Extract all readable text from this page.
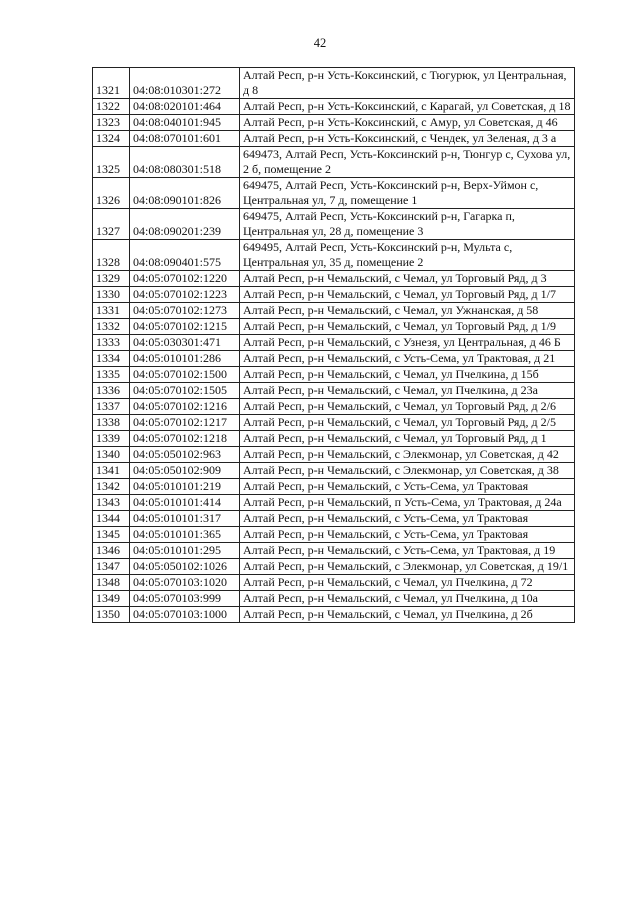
42
1321	04:08:010301:272	Алтай Респ, р-н Усть-Коксинский, с Тюгурюк, ул Центральная, д 8
1322	04:08:020101:464	Алтай Респ, р-н Усть-Коксинский, с Карагай, ул Советская, д 18
1323	04:08:040101:945	Алтай Респ, р-н Усть-Коксинский, с Амур, ул Советская, д 46
1324	04:08:070101:601	Алтай Респ, р-н Усть-Коксинский, с Чендек, ул Зеленая, д 3 а
1325	04:08:080301:518	649473, Алтай Респ, Усть-Коксинский р-н, Тюнгур с, Сухова ул, 2 б, помещение 2
1326	04:08:090101:826	649475, Алтай Респ, Усть-Коксинский р-н, Верх-Уймон с, Центральная ул, 7 д, помещение 1
1327	04:08:090201:239	649475, Алтай Респ, Усть-Коксинский р-н, Гагарка п, Центральная ул, 28 д, помещение 3
1328	04:08:090401:575	649495, Алтай Респ, Усть-Коксинский р-н, Мульта с, Центральная ул, 35 д, помещение 2
1329	04:05:070102:1220	Алтай Респ, р-н Чемальский, с Чемал, ул Торговый Ряд, д 3
1330	04:05:070102:1223	Алтай Респ, р-н Чемальский, с Чемал, ул Торговый Ряд, д 1/7
1331	04:05:070102:1273	Алтай Респ, р-н Чемальский, с Чемал, ул Ужнанская, д 58
1332	04:05:070102:1215	Алтай Респ, р-н Чемальский, с Чемал, ул Торговый Ряд, д 1/9
1333	04:05:030301:471	Алтай Респ, р-н Чемальский, с Узнезя, ул Центральная, д 46 Б
1334	04:05:010101:286	Алтай Респ, р-н Чемальский, с Усть-Сема, ул Трактовая, д 21
1335	04:05:070102:1500	Алтай Респ, р-н Чемальский, с Чемал, ул Пчелкина, д 15б
1336	04:05:070102:1505	Алтай Респ, р-н Чемальский, с Чемал, ул Пчелкина, д 23а
1337	04:05:070102:1216	Алтай Респ, р-н Чемальский, с Чемал, ул Торговый Ряд, д 2/6
1338	04:05:070102:1217	Алтай Респ, р-н Чемальский, с Чемал, ул Торговый Ряд, д 2/5
1339	04:05:070102:1218	Алтай Респ, р-н Чемальский, с Чемал, ул Торговый Ряд, д 1
1340	04:05:050102:963	Алтай Респ, р-н Чемальский, с Элекмонар, ул Советская, д 42
1341	04:05:050102:909	Алтай Респ, р-н Чемальский, с Элекмонар, ул Советская, д 38
1342	04:05:010101:219	Алтай Респ, р-н Чемальский, с Усть-Сема, ул Трактовая
1343	04:05:010101:414	Алтай Респ, р-н Чемальский, п Усть-Сема, ул Трактовая, д 24а
1344	04:05:010101:317	Алтай Респ, р-н Чемальский, с Усть-Сема, ул Трактовая
1345	04:05:010101:365	Алтай Респ, р-н Чемальский, с Усть-Сема, ул Трактовая
1346	04:05:010101:295	Алтай Респ, р-н Чемальский, с Усть-Сема, ул Трактовая, д 19
1347	04:05:050102:1026	Алтай Респ, р-н Чемальский, с Элекмонар, ул Советская, д 19/1
1348	04:05:070103:1020	Алтай Респ, р-н Чемальский, с Чемал, ул Пчелкина, д 72
1349	04:05:070103:999	Алтай Респ, р-н Чемальский, с Чемал, ул Пчелкина, д 10а
1350	04:05:070103:1000	Алтай Респ, р-н Чемальский, с Чемал, ул Пчелкина, д 2б
